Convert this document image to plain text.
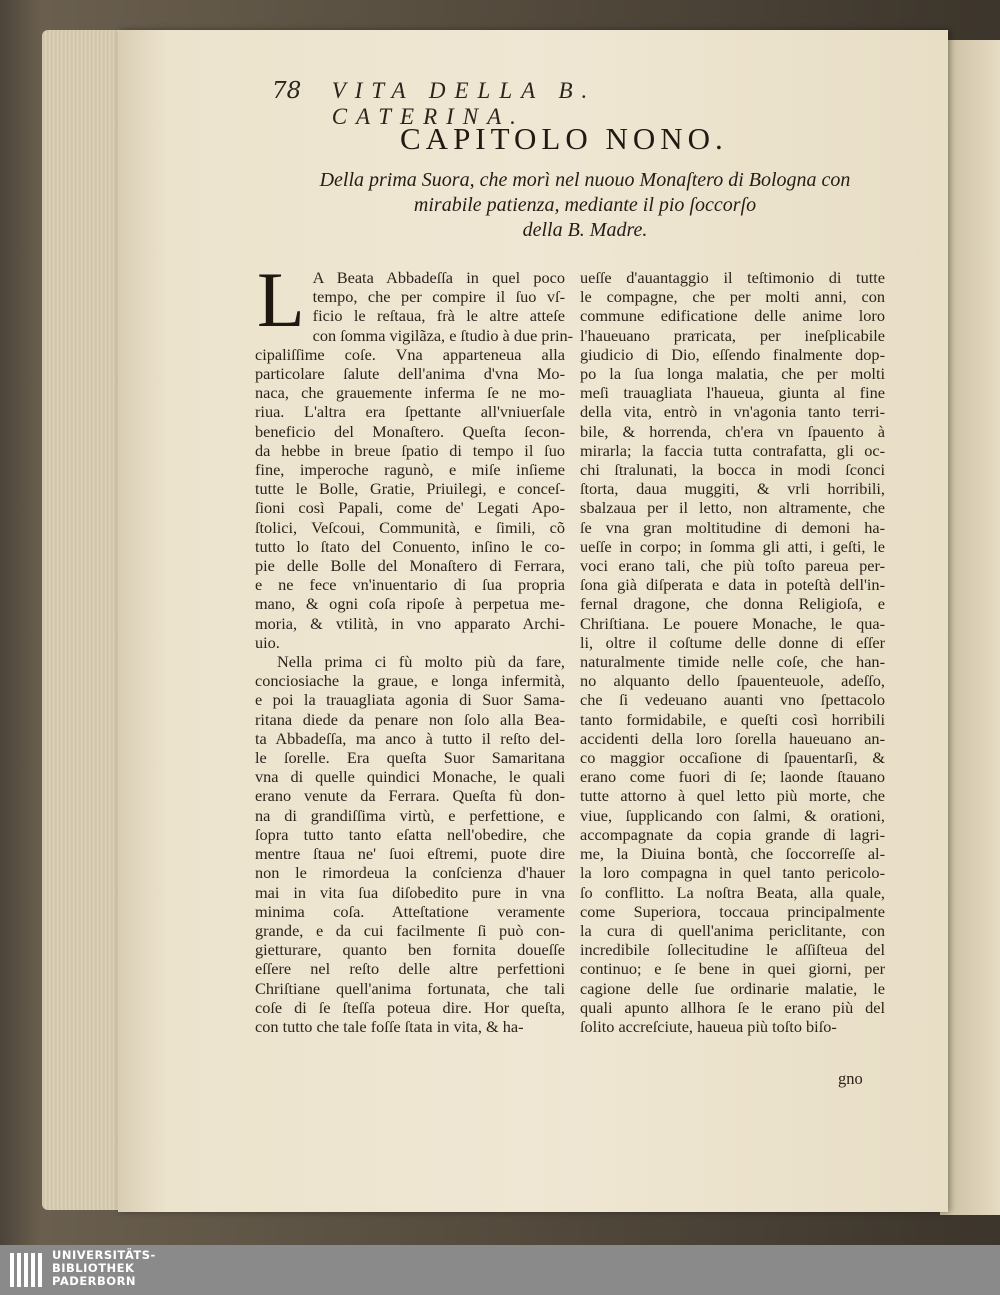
78	VITA DELLA B. CATERINA.
CAPITOLO NONO.
Della prima Suora, che morì nel nuouo Monaſtero di Bologna con
mirabile patienza, mediante il pio ſoccorſo
della B. Madre.
L A Beata Abbadeſſa in quel poco
tempo, che per compire il ſuo vſ-
ficio le reſtaua, frà le altre atteſe
con ſomma vigilãza, e ſtudio à due prin-
cipaliſſime coſe. Vna apparteneua alla
particolare ſalute dell'anima d'vna Mo-
naca, che grauemente inferma ſe ne mo-
riua. L'altra era ſpettante all'vniuerſale
beneficio del Monaſtero. Queſta ſecon-
da hebbe in breue ſpatio di tempo il ſuo
fine, imperoche ragunò, e miſe inſieme
tutte le Bolle, Gratie, Priuilegi, e conceſ-
ſioni così Papali, come de' Legati Apo-
ſtolici, Veſcoui, Communità, e ſimili, cõ
tutto lo ſtato del Conuento, inſino le co-
pie delle Bolle del Monaſtero di Ferrara,
e ne fece vn'inuentario di ſua propria
mano, & ogni coſa ripoſe à perpetua me-
moria, & vtilità, in vno apparato Archi-
uio.
Nella prima ci fù molto più da fare,
conciosiache la graue, e longa infermità,
e poi la trauagliata agonia di Suor Sama-
ritana diede da penare non ſolo alla Bea-
ta Abbadeſſa, ma anco à tutto il reſto del-
le ſorelle. Era queſta Suor Samaritana
vna di quelle quindici Monache, le quali
erano venute da Ferrara. Queſta fù don-
na di grandiſſima virtù, e perfettione, e
ſopra tutto tanto eſatta nell'obedire, che
mentre ſtaua ne' ſuoi eſtremi, puote dire
non le rimordeua la conſcienza d'hauer
mai in vita ſua diſobedito pure in vna
minima coſa. Atteſtatione veramente
grande, e da cui facilmente ſi può con-
gietturare, quanto ben fornita doueſſe
eſſere nel reſto delle altre perfettioni
Chriſtiane quell'anima fortunata, che tali
coſe di ſe ſteſſa poteua dire. Hor queſta,
con tutto che tale foſſe ſtata in vita, & ha-
ueſſe d'auantaggio il teſtimonio di tutte
le compagne, che per molti anni, con
commune edificatione delle anime loro
l'haueuano prатicata, per ineſplicabile
giudicio di Dio, eſſendo finalmente dop-
po la ſua longa malatia, che per molti
meſi trauagliata l'haueua, giunta al fine
della vita, entrò in vn'agonia tanto terri-
bile, & horrenda, ch'era vn ſpauento à
mirarla; la faccia tutta contrafatta, gli oc-
chi ſtralunati, la bocca in modi ſconci
ſtorta, daua muggiti, & vrli horribili,
sbalzaua per il letto, non altramente, che
ſe vna gran moltitudine di demoni ha-
ueſſe in corpo; in ſomma gli atti, i geſti, le
voci erano tali, che più toſto pareua per-
ſona già diſperata e data in poteſtà dell'in-
fernal dragone, che donna Religioſa, e
Chriſtiana. Le pouere Monache, le qua-
li, oltre il coſtume delle donne di eſſer
naturalmente timide nelle coſe, che han-
no alquanto dello ſpauenteuole, adeſſo,
che ſi vedeuano auanti vno ſpettacolo
tanto formidabile, e queſti così horribili
accidenti della loro ſorella haueuano an-
co maggior occaſione di ſpauentarſi, &
erano come fuori di ſe; laonde ſtauano
tutte attorno à quel letto più morte, che
viue, ſupplicando con ſalmi, & orationi,
accompagnate da copia grande di lagri-
me, la Diuina bontà, che ſoccorreſſe al-
la loro compagna in quel tanto pericolo-
ſo conflitto. La noſtra Beata, alla quale,
come Superiora, toccaua principalmente
la cura di quell'anima periclitante, con
incredibile ſollecitudine le aſſiſteua del
continuo; e ſe bene in quei giorni, per
cagione delle ſue ordinarie malatie, le
quali apunto allhora ſe le erano più del
ſolito accreſciute, haueua più toſto biſo-
gno
UNIVERSITÄTS-
BIBLIOTHEK
PADERBORN
